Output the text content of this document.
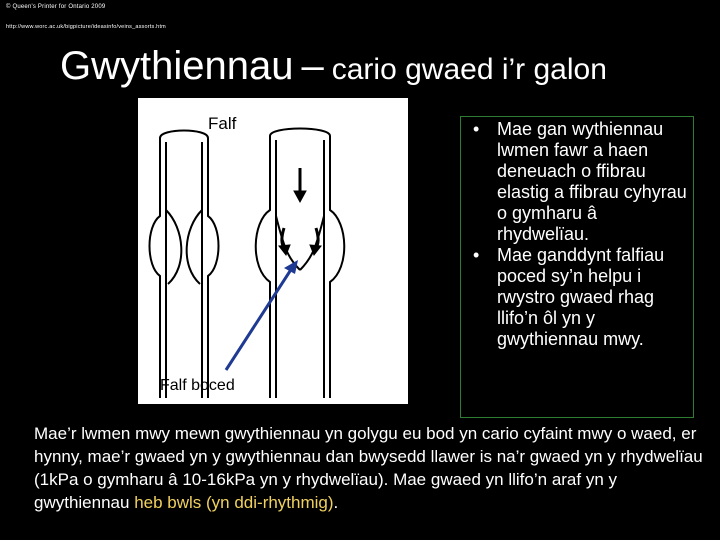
© Queen's Printer for Ontario 2009
http://www.worc.ac.uk/bigpicture/ideasinfo/veins_assorts.htm
Gwythiennau – cario gwaed i’r galon
Falf
Falf boced
• Mae gan wythiennau lwmen fawr a haen deneuach o ffibrau elastig a ffibrau cyhyrau o gymharu â rhydwelïau.
• Mae ganddynt falfiau poced sy’n helpu i rwystro gwaed rhag llifo’n ôl yn y gwythiennau mwy.
Mae’r lwmen mwy mewn gwythiennau yn golygu eu bod yn cario cyfaint mwy o waed, er hynny, mae’r gwaed yn y gwythiennau dan bwysedd llawer is na’r gwaed yn y rhydwelïau (1kPa o gymharu â 10-16kPa yn y rhydwelïau). Mae gwaed yn llifo’n araf yn y gwythiennau heb bwls (yn ddi-rhythmig).
